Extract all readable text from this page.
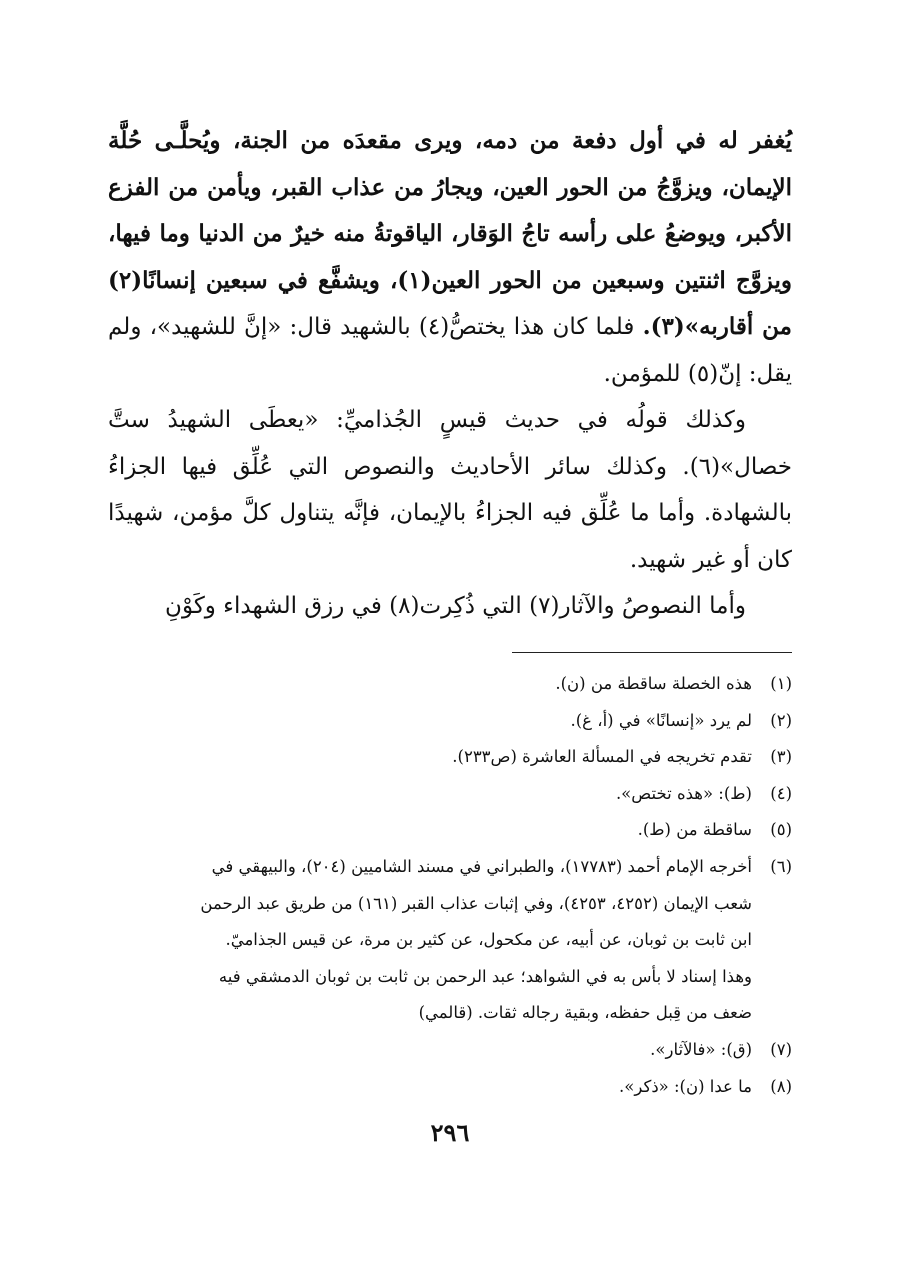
يُغفر له في أول دفعة من دمه، ويرى مقعدَه من الجنة، ويُحلَّـى حُلَّة الإيمان، ويزوَّجُ من الحور العين، ويجارُ من عذاب القبر، ويأمن من الفزع الأكبر، ويوضعُ على رأسه تاجُ الوَقار، الياقوتةُ منه خيرٌ من الدنيا وما فيها، ويزوَّج اثنتين وسبعين من الحور العين(١)، ويشفَّع في سبعين إنسانًا(٢) من أقاربه»(٣). فلما كان هذا يختصُّ(٤) بالشهيد قال: «إنَّ للشهيد»، ولم يقل: إنّ(٥) للمؤمن.

وكذلك قولُه في حديث قيسٍ الجُذاميِّ: «يعطَى الشهيدُ ستَّ خصال»(٦). وكذلك سائر الأحاديث والنصوص التي عُلِّق فيها الجزاءُ بالشهادة. وأما ما عُلِّق فيه الجزاءُ بالإيمان، فإنَّه يتناول كلَّ مؤمن، شهيدًا كان أو غير شهيد.

وأما النصوصُ والآثار(٧) التي ذُكِرت(٨) في رزق الشهداء وكَوْنِ

(١)
هذه الخصلة ساقطة من (ن).
(٢)
لم يرد «إنسانًا» في (أ، غ).
(٣)
تقدم تخريجه في المسألة العاشرة (ص٢٣٣).
(٤)
(ط): «هذه تختص».
(٥)
ساقطة من (ط).
(٦)
أخرجه الإمام أحمد (١٧٧٨٣)، والطبراني في مسند الشاميين (٢٠٤)، والبيهقي في
شعب الإيمان (٤٢٥٢، ٤٢٥٣)، وفي إثبات عذاب القبر (١٦١) من طريق عبد الرحمن
ابن ثابت بن ثوبان، عن أبيه، عن مكحول، عن كثير بن مرة، عن قيس الجذاميّ.
وهذا إسناد لا بأس به في الشواهد؛ عبد الرحمن بن ثابت بن ثوبان الدمشقي فيه
ضعف من قِبل حفظه، وبقية رجاله ثقات. (قالمي)
(٧)
(ق): «فالآثار».
(٨)
ما عدا (ن): «ذكر».
٢٩٦
